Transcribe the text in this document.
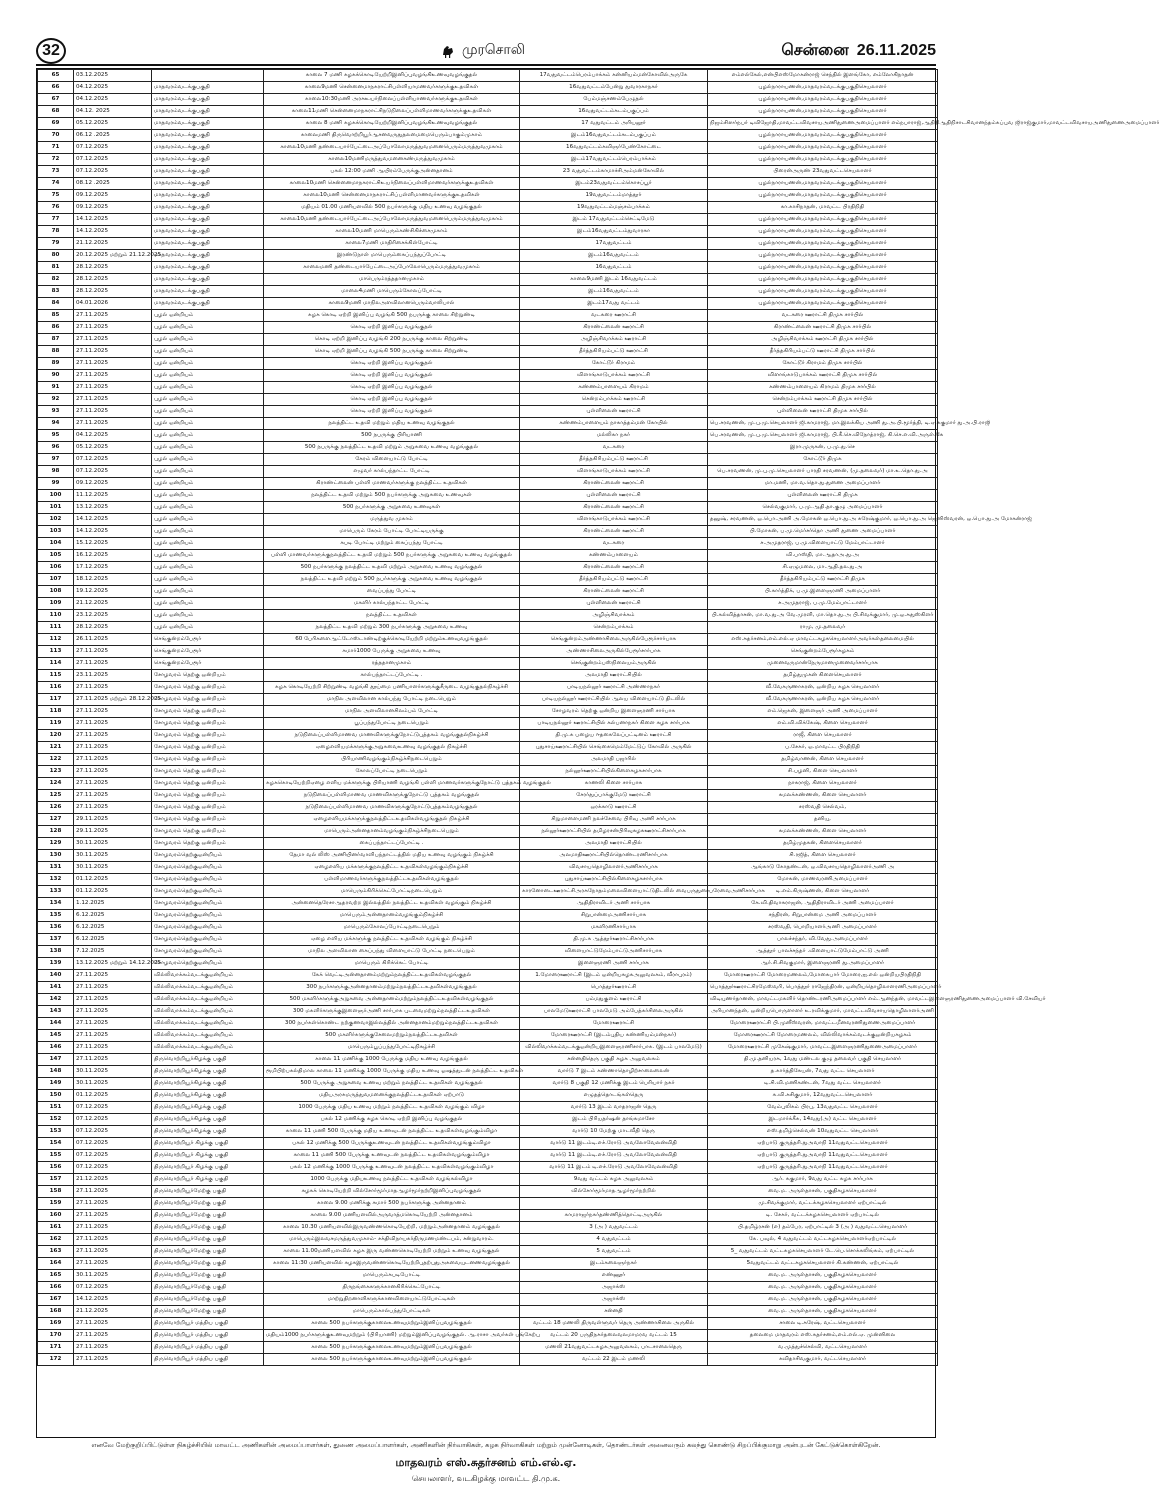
32	முரசொலி	சென்னை 26.11.2025
65	03.12.2025		காலை 7 மணி கழகக்கொடியேற்றிஇனிப்புவழங்கிஉணவுவழங்குதல்	17வதுவட்டம்பெரம்பாக்கம் கன்னியம்மன்கோவில்அருகே	எம்எல்கேல்,என்பிஎஸ்மோகன்ராஜ் செந்தில் இளங்கோ, எம்லோகிநாதன்
66	04.12.2025	மாதவரம்வடக்குபகுதி	காலை9மணி சென்னைமாநகராட்சிபள்ளியாமணவர்களுக்குஉதவிகள்	16வதுவட்டம்பேன்று துவாரகாநகர்	புழல்நாராயணன்,மாதவரம்வடக்குபகுதிசெயலாளர்
67	04.12.2025	மாதவரம்வடக்குபகுதி	காலை10:30மணி அரசுஉயர்நிலைப்பள்ளியாணவர்களுக்குஉதவிகள்	பேம்மஞ்சணம்பேழுதல்	புழல்நாராயணன்,மாதவரம்வடக்குபகுதிசெயலாளர்
68	04.12. 2025	மாதவரம்வடக்குபகுதி	காலை11மணி சென்னைமாநகராட்சிநடுநிலைப்பள்ளிமாணவர்களுக்குஉதவிகள்	16வதுவட்டம்கடம்பகுப்பம்	புழல்நாராயணன்,மாதவரம்வடக்குபகுதிசெயலாளர்
69	05.12.2025	மாதவரம்வடக்குபகுதி	காலை 8 மணி கழகக்கொடியேற்றிஇனிப்புவழங்கிஉணவுவழங்குதல்	17 வதுவட்டம் அரியலூர்	நிஜம்சிஸர்நபர் டிவிஜோதி,மாவட்டவிவசாயஅணிதுணைஅமைப்பாளர் எம்நபாராஜ்,ஆதிதிஆதிநிசாடசிவானந்தம்கப்புவ ஜிராஜ்குமார்,மாவட்டவிவசாயஅணிதுணைஅமைப்பாளர்
70	06.12 .2025	மாதவரம்வடக்குபகுதி	காலைமணி திருவொற்றியூர்ஆசனவருதுதலமைமைபெரும்பாகும்முகாம்	இடம்16வதுவட்டம்கடம்பகுப்பம்	புழல்நாராயணன்,மாதவரம்வடக்குபகுதிசெயலாளர்
71	07.12.2025	மாதவரம்வடக்குபகுதி	காலை10மணி தண்டையார்பேட்டைஅப்போலோமருத்துவமனைபெரும்மருத்துவமுகாம்	16வதுவட்டம்கவிஞர்பேண்கோட்டை	புழல்நாராயணன்,மாதவரம்வடக்குபகுதிசெயலாளர்
72	07.12.2025	மாதவரம்வடக்குபகுதி	காலை10மணிமருத்துவமனைகண்மருத்துவமுகாம்	இடம்17வதுவட்டம்பெரம்பாக்கம்	புழல்நாராயணன்,மாதவரம்வடக்குபகுதிசெயலாளர்
73	07.12.2025	மாதவரம்வடக்குபகுதி	பகல் 12:00 மணி ஆயிரம்பேருக்குஅன்னதானம்	23 வதுவட்டம்காமாச்சிஅம்மன்கோவில்	பிரைன்அருண் 23வதுவட்டசெயலாளர்
74	08.12 .2025	மாதவரம்வடக்குபகுதி	காலை10மணி சென்னைமாநகராட்சிஉயர்நிலைப்பள்ளிமாணவர்களுக்குஉதவிகள்	இடம்23வதுவட்டம்கொசப்பூர்	புழல்நாராயணன்,மாதவரம்வடக்குபகுதிசெயலாளர்
75	09.12.2025	மாதவரம்வடக்குபகுதி	காலை10மணி சென்னைமாநகராட்சிப்பள்ளிமாணவர்களுக்குஉதவிகள்	19வதுவட்டம்மாத்தூர்	புழல்நாராயணன்,மாதவரம்வடக்குபகுதிசெயலாளர்
76	09.12.2025	மாதவரம்வடக்குபகுதி	மதியம் 01.00 மணியளவில் 500 நபர்களுக்கு மதிய உணவு வழங்குதல்	19வதுவட்டம்மஞ்சம்பாக்கம்	கா.காசிநாதன், மாவட்ட பிரதிநிதி
77	14.12.2025	மாதவரம்வடக்குபகுதி	காலை10மணி தண்டையார்பேட்டைஅப்போலோமருத்துவமனைபெரும்மருத்துவமுகாம்	இடம் 17வதுவட்டம்செட்டிமேடு	புழல்நாராயணன்,மாதவரம்வடக்குபகுதிசெயலாளர்
78	14.12.2025	மாதவரம்வடக்குபகுதி	காலை10மணி மாபெரும்கண்சிகிச்சைமுகாம்	இடம்16வதுவட்டம்துவாரகா	புழல்நாராயணன்,மாதவரம்வடக்குபகுதிசெயலாளர்
79	21.12.2025	மாதவரம்வடக்குபகுதி	காலை7மணி மாதிரிசைக்கிள்போட்டி	17வதுவட்டம்	புழல்நாராயணன்,மாதவரம்வடக்குபகுதிசெயலாளர்
80	20.12.2025 மற்றும் 21.12.2025	மாதவரம்வடக்குபகுதி	இரண்டுநாள் மாபெரும்கைப்பந்துப்போட்டி	இடம்16வதுவட்டம்	புழல்நாராயணன்,மாதவரம்வடக்குபகுதிசெயலாளர்
81	28.12.2025	மாதவரம்வடக்குபகுதி	காலைமணி தண்டையார்பேட்டைஅப்போலோபெரும்மருத்துவமுகாம்	16வதுவட்டம்	புழல்நாராயணன்,மாதவரம்வடக்குபகுதிசெயலாளர்
82	28.12.2025	மாதவரம்வடக்குபகுதி	மாபெரும்ரத்ததானமுகாம்	காலை9மணி இடம் 16வதுவட்டம்	புழல்நாராயணன்,மாதவரம்வடக்குபகுதிசெயலாளர்
83	28.12.2025	மாதவரம்வடக்குபகுதி	மாலை4மணி மாபெரும்கோலப்போட்டி	இடம்16வதுவட்டம்	புழல்நாராயணன்,மாதவரம்வடக்குபகுதிசெயலாளர்
84	04.01.2026	மாதவரம்வடக்குபகுதி	காலை9மணி மாநிலஅளவிலானபெரும்வாலிபால்	இடம்17வது வட்டம்	புழல்நாராயணன்,மாதவரம்வடக்குபகுதிசெயலாளர்
85	27.11.2025	புழல் ஒன்றியம்	கழக கொடி ஏற்றி இனிப்பு வழங்கி 500 நபருக்கு காலை சிற்றுண்டி	வடகரை ஊராட்சி	வடகரை ஊராட்சி திமுக சார்பில்
86	27.11.2025	புழல் ஒன்றியம்	கொடி ஏற்றி இனிப்பு வழங்குதல்	கிராண்ட்லைன் ஊராட்சி	கிராண்ட்லைன் ஊராட்சி திமுக சார்பில்
87	27.11.2025	புழல் ஒன்றியம்	கொடி ஏற்றி இனிப்பு வழங்கி 200 நபருக்கு காலை சிற்றுண்டி	அழிஞ்சிவாக்கம் ஊராட்சி	அழிஞ்சிவாக்கம் ஊராட்சி திமுக சார்பில்
88	27.11.2025	புழல் ஒன்றியம்	கொடி ஏற்றி இனிப்பு வழங்கி 500 நபருக்கு காலை சிற்றுண்டி	தீர்த்தகிரியம்பட்டு ஊராட்சி	தீர்த்தகிரியம்பட்டு ஊராட்சி திமுக சார்பில்
89	27.11.2025	புழல் ஒன்றியம்	கொடி ஏற்றி இனிப்பு வழங்குதல்	கோட்டூர் கிராமம்	கோட்டூர் கிராமம் திமுக சார்பில்
90	27.11.2025	புழல் ஒன்றியம்	கொடி ஏற்றி இனிப்பு வழங்குதல்	விளாங்காடுபாக்கம் ஊராட்சி	விளாங்காடுபாக்கம் ஊராட்சி திமுக சார்பில்
91	27.11.2025	புழல் ஒன்றியம்	கொடி ஏற்றி இனிப்பு வழங்குதல்	கண்ணம்பாளையம் கிராமம்	கண்ணம்பாளையம் கிராமம் திமுக சார்பில்
92	27.11.2025	புழல் ஒன்றியம்	கொடி ஏற்றி இனிப்பு வழங்குதல்	சென்றம்பாக்கம் ஊராட்சி	சென்றம்பாக்கம் ஊராட்சி திமுக சார்பில்
93	27.11.2025	புழல் ஒன்றியம்	கொடி ஏற்றி இனிப்பு வழங்குதல்	புள்ளிலைன் ஊராட்சி	புள்ளிலைன் ஊராட்சி திமுக சார்பில்
94	27.11.2025	புழல் ஒன்றியம்	நலத்திட்ட உதவி மற்றும் மதிய உணவு வழங்குதல்	கண்ணம்பாளையம் நாகாத்தம்மன் கோயில்	பெ.சரவணன், மு.பு.மு.செயலாளர் ஜி.காமராஜ், மா.இலக்கிய அணி து.அ.பி.மூர்த்தி, டி.ஏ.சுகுமார் து.அ.பி.ராஜி
95	04.12.2025	புழல் ஒன்றியம்	500 நபருக்கு பிரியாணி	மல்லிகா நகர்	பெ.சரவணன், மு.பு.மு.செயலாளர் ஜி.காமராஜ், பி.கீ.செ.விநோத்ராஜ், கி.செ.எ.வி.அருள்.கே
96	05.12.2025	புழல் ஒன்றியம்	500 நபருக்கு நலத்திட்ட உதவி மற்றும் அறுசுவை உணவு வழங்குதல்	வடகரை	இரா.முருகன், ப.மு.து.செ
97	07.12.2025	புழல் ஒன்றியம்	கேரம் விளையாட்டு போட்டி	தீர்த்தகிரியம்பட்டு ஊராட்சி	கோட்டூர் திமுக
98	07.12.2025	புழல் ஒன்றியம்	எழுவர் கால்பந்தாட்ட போட்டி	விளாங்காடுபாக்கம் ஊராட்சி	பெ.சரவணன், மு.பு.மு.செயலாளர் பாரதி சரவணன், (மு.தலைவர்) மா.உ.தொ.து.அ
99	09.12.2025	புழல் ஒன்றியம்	கிராண்ட்லைன் பள்ளி மாணவர்களுக்கு நலத்திட்ட உதவிகள்	கிராண்ட்லைன் ஊராட்சி	மா.மணி, மா.வ.தொ.து.துணை அமைப்பாளர்
100	11.12.2025	புழல் ஒன்றியம்	நலத்திட்ட உதவி மற்றும் 500 நபர்களுக்கு அறுசுவை உணவுகள்	புள்ளிலைன் ஊராட்சி	புள்ளிலைன் ஊராட்சி திமுக
101	13.12.2025	புழல் ஒன்றியம்	500 நபர்களுக்கு அறுசுவை உணவுகள்	கிராண்ட்லைன் ஊராட்சி	செல்வகுமார், ப.மு.ஆதி.தா.குழு அமைப்பாளர்
102	14.12.2025	புழல் ஒன்றியம்	மருத்துவ முகாம்	விளாங்காடுபாக்கம் ஊராட்சி	தனுஷ், சரவணன், ஒ.பொ.அணி அ.மோகன் ஒ.பொ.து.அ சுரேஷ்குமார், ஒ.பொ.து.அ ஜெனிஸ்வரன், ஒ.பொ.து.அ மோகன்ராஜ்
103	14.12.2025	புழல் ஒன்றியம்	மாபெரும் கேரம் போட்டி போட்டியருக்கு	கிராண்ட்லைன் ஊராட்சி	பி.மோகன், ப.மு.மெர்சர்தொ அணி துணை அமைப்பாளர்
104	15.12.2025	புழல் ஒன்றியம்	கபடி போட்டி மற்றும் கைப்பந்து போட்டி	வடகரை	ச.அமுதராஜ், ப.மு.விளையாட்டு மேம்பாட்டாளர்
105	16.12.2025	புழல் ஒன்றியம்	பள்ளி மாணவர்களுக்குநலத்திட்ட உதவி மற்றும் 500 நபர்களுக்கு அறுசுவை உணவு வழங்குதல்	கண்ணம்பாளையம்	வி.பாஸ்தி, மா.ஆதாஅ.து.அ
106	17.12.2025	புழல் ஒன்றியம்	500 நபர்களுக்கு நலத்திட்ட உதவி மற்றும் அறுசுவை உணவு வழங்குதல்	கிராண்ட்லைன் ஊராட்சி	சி.ஏழுமலை, மா.ஆதி.தல.து.அ
107	18.12.2025	புழல் ஒன்றியம்	நலத்திட்ட உதவி மற்றும் 500 நபர்களுக்கு அறுசுவை உணவு வழங்குதல்	தீர்த்தகிரியம்பட்டு ஊராட்சி	தீர்த்தகிரியம்பட்டு ஊராட்சி திமுக
108	19.12.2025	புழல் ஒன்றியம்	வைப்பந்து போட்டி	கிராண்ட்லைன் ஊராட்சி	பி.கார்த்திக், ப.மு.இளைஞரணி அமைப்பாளர்
109	21.12.2025	புழல் ஒன்றியம்	மகளிர் கால்பந்தாட்ட போட்டி	புள்ளிலைன் ஊராட்சி	ச.அமுதராஜ், ப.மு.மேம்பாட்டாளர்
110	23.12.2025	புழல் ஒன்றியம்	நலத்திட்ட உதவிகள்	அழிஞ்சிவாக்கம்	பி.கல்வித்தாசன், மா.வ.து.அ வே.முரளி, மா.தொ.து.அ பி.சிவக்குமார், மு.ஒ.சுதுஸ்கிளர்
111	28.12.2025	புழல் ஒன்றியம்	நலத்திட்ட உதவி மற்றும் 300 நபர்களுக்கு அறுசுவை உணவு	சென்றம்பாக்கம்	ராமு, மு.தலைவர்
112	26.11.2025	செங்குன்றம்பேரூர்	60 பேரிகளைஆட்டோஸ்டாண்டிற்குக்கொடியேற்றி மற்றும்உணவுவழங்குதல்	செங்குன்றம்அண்ணாசிலைஅருகில்பேரூர்சார்பாக	எஸ்.சுதர்சனம்,எம்.எல்.ஏ மாவட்டகழகசெயலாளர்அவர்கள்தலைமையில்
113	27.11.2025	செங்குன்றம்பேரூர்	சுமார்1000 பேருக்கு அறுசுவை உணவு	அண்ணாசிலைஅருகில்பேரூர்சார்பாக	செங்குன்றம்பேரூர்கழகம்
114	27.11.2025	செங்குன்றம்பேரூர்	ரத்ததானமுகாம்	செங்குன்றம்பஸ்நிலையம்அருகில்	முனைவருமான்நேருமானமுனைவர்சார்பாக
115	23.11.2025	சோழவரம் தெற்கு ஒன்றியம்	கால்பந்தாட்டப்போட்டி .	அலமாதி ஊராட்சியில்	தமிழ்துமுகன் கிளைசெயலாளர்
116	27.11.2025	சோழவரம் தெற்கு ஒன்றியம்	கழக கொடியேற்றி சிற்றுண்டி வழங்கி தூய்மை பணியாளர்களுக்குசீருடை வழங்குதல்நிகழ்ச்சி	பாடியநல்லூர் ஊராட்சி அண்ணாநகர்	வீ.வேகருணாகரன், ஒன்றிய கழக செயலாளர்
117	27.11.2025 மற்றும் 28.12.2025	சோழவரம் தெற்கு ஒன்றியம்	மாநில அளவிலான கால்பந்து போட்டி நடைபெறும்	பாடியநல்லூர் ஊராட்சியில் ஆலய விளையாட்டு திடலில்	வீ.வேகருணாகரன், ஒன்றிய கழக செயலாளர்
118	27.11.2025	சோழவரம் தெற்கு ஒன்றியம்	மாநில அளவிலானசிலம்பம் போட்டி	சோழவரம் தெற்கு ஒன்றிய இளைஞரணி சார்பாக	எம்.ஜெகன், இளைஞர் அணி அமைப்பாளர்
119	27.11.2025	சோழவரம் தெற்கு ஒன்றியம்	பூப்பந்துபோட்டி நடைபெறும்	பாடியநல்லூர் ஊராட்சியில் கல்பனாநகர் கிளை கழக சார்பாக	எம்.வி.விக்கேஷ், கிளை செயலாளர்
120	27.11.2025	சோழவரம் தெற்கு ஒன்றியம்	நடுநிலைப்பள்ளிமாணவ மாணவிகளுக்குநோட்டுபுத்தகம் வழங்குதல்நிகழ்ச்சி	தி.மு.க பழைய ஈதகைலேப்பட்டினம் ஊராட்சி	ராஜீ, கிளை செயலாளர்
121	27.11.2025	சோழவரம் தெற்கு ஒன்றியம்	ஏழைஎளியமக்களுக்குஅறுசுவைஉணவு வழங்குதல் நிகழ்ச்சி	புதுசாய்ஊராட்சியில் செங்கைமெம்மேட்டுப் கோவில் அருகில்	ப.சேகர், ஒ.மாவட்ட பிரதிநிதி
122	27.11.2025	சோழவரம் தெற்கு ஒன்றியம்	பிரியாணிவழங்கும்நிகழ்ச்சிநடைபெறும்	அலமாதி பஜாரில்	தமிழ்வாணன், கிளை செயலாளர்
123	27.11.2025	சோழவரம் தெற்கு ஒன்றியம்	கோலப்போட்டி நடைபெறும்	நல்லூர்ஊராட்சியில்கிளைகழகசார்பாக	சி.பழனி, கிளை செயலாளர்
124	27.11.2025	சோழவரம் தெற்கு ஒன்றியம்	கழககொடியேற்றிஏழை எளிய மக்களுக்கு பிரியாணி வழங்கி பள்ளி மாணவர்களுக்குநோட்டு புத்தகம் வழங்குதல்	காணலி கிளை சார்பாக	நாகராஜ், கிளை செயலாளர்
125	27.11.2025	சோழவரம் தெற்கு ஒன்றியம்	நடுநிலைப்பள்ளிமாணவ மாணவிகளுக்குநோட்டு புத்தகம் வழங்குதல்	சேரர்துப்பாக்குமேடு ஊராட்சி	கமலக்கண்ணன், கிளை செயலாளர்
126	27.11.2025	சோழவரம் தெற்கு ஒன்றியம்	நடுநிலைப்பள்ளிமாணவ மாணவிகளுக்குநோட்டுபுத்தகம்வழங்குதல்	ஒரக்காடு ஊராட்சி	சரஸ்வதி செல்வம்,
127	29.11.2025	சோழவரம் தெற்கு ஒன்றியம்	ஏழைஎளியமக்களுக்குநலத்திட்டஉதவிகள்வழங்குதல் நிகழ்ச்சி	சிறுமாளைமணி நலச்சேவை பிரிவு அணி சார்பாக	தனியு,
128	29.11.2025	சோழவரம் தெற்கு ஒன்றியம்	மாபெரும்அன்னதானம்வழங்கும்நிகழ்ச்சிநடைபெறும்	நல்லூர்ஊராட்சியில் தமிழரசன்பிரிவுகழகஊராட்சிசார்பாக	கமலக்கண்ணன், கிளை செயலாளர்
129	30.11.2025	சோழவரம் தெற்கு ஒன்றியம்	கைப்பந்தாட்டப்போட்டி .	அலமாதி ஊராட்சியில்	தமிழ்முதகன், கிளைசெயலாளர்
130	30.11.2025	சோழவரம்தெற்குஒன்றியம்	தேமா வல் லிஸ் அணியினர்வாளிபந்தாட்டத்தில் மதிய உணவு வழங்கும் நிகழ்ச்சி	அலமாதிஊராட்சியில்தொண்டரணிசார்பாக	சி.ரஜித், கிளை செயலாளர்
131	30.11.2025	சோழவரம்தெற்குஒன்றியம்	ஏழைஎளிய மக்களுக்குநலத்திட்ட உதவிகள்வழங்கும்நிகழ்ச்சி	விவசாயதொழிலாளர்அணிசார்பாக	ஆங்காடு கோதண்டன், ஒ.விவசாயதொழிலாளர்அணி அ
132	01.12.2025	சோழவரம்தெற்குஒன்றியம்	பள்ளிமாணவர்களுக்குநலத்திட்டஉதவிகள்வழங்குதல்	புதுசாய்ஊராட்சியில்கிளைகழகசார்பாக	மோகன், மாணவரணிஅமைப்பாளர்
133	01.12.2025	சோழவரம்தெற்குஒன்றியம்	மாபெரும்கிரிக்கெட்போட்டிநடைபெறும்	காரனோடைஊராட்சிஅரசுநோதம்மலைவிளையாட்டுதிடலில் வைபருதுரைபரேவைஅணிசார்பாக	டி.எம்.கிருஷ்ணன், கிளை செயலாளர்
134	1.12.2025	சோழவரம்தெற்குஒன்றியம்	அன்னைதெரேசாஆதரவற்ற இல்லத்தில் நலத்திட்ட உதவிகள் வழங்கும் நிகழ்ச்சி	ஆதிதிராவிடர் அணி சார்பாக	கே.வி.திவாகராஜன், ஆதிதிராவிடர் அணி அமைப்பாளர்
135	6.12.2025	சோழவரம்தெற்குஒன்றியம்	மாபெரும்அன்னதானம்வழங்கும்நிகழ்ச்சி	சிறுபான்மைஅணிசார்பாக	சந்திரன், சிறுபான்மை அணி அமைப்பாளர்
136	6.12.2025	சோழவரம்தெற்குஒன்றியம்	மாபெரும்கோலப்போட்டிநடைபெறும்	மகளிரணிசார்பாக	சரஸ்வதி, பொறியாளர்அணி அமைப்பாளர்
137	6.12.2025	சோழவரம்தெற்குஒன்றியம்	ஏழை எளிய மக்களுக்கு நலத்திட்ட உதவிகள் வழங்கும் நிகழ்ச்சி	தி.மு.க ஆத்தூர்ஊராட்சிசார்பாக	பாலச்சந்தர், வி.வேது.அமைப்பாளர்
138	7.12.2025	சோழவரம்தெற்குஒன்றியம்	மாநில அளவிலான கைப்பந்து விளையாட்டு போட்டி நடைபெறும்	விளையாட்டுமேம்பாட்டுஅணிசார்பாக	ஆத்தூர் பாலச்சந்தர் .விளையாட்டுமேம்பாட்டு அணி
139	13.12.2025 மற்றும் 14.12.2025	சோழவரம்தெற்குஒன்றியம்	மாபெரும் கிரிக்கெட் போட்டி	இளைஞரணி அணி சார்பாக	ஆர்.சி.சிவகுமார், இளைஞரணி து.அமைப்பாளர்
140	27.11.2025	வில்லிவாக்கம்வடக்குஒன்றியம்	கேக் வெட்டிஅன்னதானம்மற்றும்நலத்திட்டஉதவிகள்வழங்குதல்	1.மோரைஊராட்சி (இடம் ஒன்றியகழகஅலுவலகம், வீராபுரம்)	மோரைஊராட்சி மோரைமணலம்,மோகைபார் மோரை,ஐ.எல் ஒன்றியபிரதிநிதி
141	27.11.2025	வில்லிவாக்கம்வடக்குஒன்றியம்	300 நபர்களுக்குஅன்னதானம்மற்றும்நலத்திட்டஉதவிகள்வழங்குதல்	பொத்தூர்ஊராட்சி	பொத்தூர்ஊராட்சிரமேஸ்வரி, பொத்தூர் ராஜேந்திரன், ஒன்றியதொழிலாளரணிஅமைப்பாளர்
142	27.11.2025	வில்லிவாக்கம்வடக்குஒன்றியம்	500 மகளிர்களுக்குஅறுசுவை அன்னதானம்மற்றும்நலத்திட்டஉதவிகள்வழங்குதல்	பம்மதுகுளம் ஊராட்சி	விடியுணர்தானன், மாவட்டமகளிர் தொண்டரணிஅமைப்பாளர் எம்.ஆனந்தன், மாவட்டஇளைஞரணிதுணைஅமைப்பாளர் வி.சேவியர்
143	27.11.2025	வில்லிவாக்கம்வடக்குஒன்றியம்	300 மகளிர்களுக்குஇளைஞர்அணி சார்பாக புடவைமற்றும்நலத்திட்டஉதவிகள்	பாலமேடுஊராட்சி பாலமேடு அம்பேத்கர்சிலைஅருகில்	அரியானந்தன், ஒன்றியபொருளாளர் உ.ரவிக்குமார், மாவட்டவிவசாயதொழிலாளர்அணி
144	27.11.2025	வில்லிவாக்கம்வடக்குஒன்றியம்	300 நபர்கள்கொண்ட நற்குணவாஇல்லத்தில் அன்னதானம்மற்றும்நலத்திட்டஉதவிகள்	மோரைஊராட்சி	மோரைஊராட்சி பி.முனீஸ்வரன், மாவட்டமீனவரணிதுணைஅமைப்பாளர்
145	27.11.2025	வில்லிவாக்கம்வடக்குஒன்றியம்	500 மகளிர்களுக்குசேலைமற்றும்நலத்திட்டஉதவிகள்	மோரைஊராட்சி (இடம்புதிய கண்ணியம்மன்நகர்)	மோரைஊராட்சி மோரைமணலம், வில்லிவாக்கம்வடக்குஒன்றியகழகம்
146	27.11.2025	வில்லிவாக்கம்வடக்குஒன்றியம்	மாபெரும்பூப்பந்துபோட்டிநிகழ்ச்சி	வில்லிவாக்கம்வடக்குஒன்றியஇளைஞரணிசார்பாக. (இடம் பாலமேடு)	மோரைஊராட்சி முகேஷ்குமார், மாவட்டஇளைஞரணிதுணைஅமைப்பாளர்
147	27.11.2025	திருவொற்றியூர்கிழக்கு பகுதி	காலை 11 மணிக்கு 1000 பேருக்கு மதிய உணவு வழங்குதல்	சன்னதிதெரு பகுதி கழக அலுவலகம்	தி.மு.தனியரசு, 1வது மண்டல குழு தலைவர் பகுதி செயலாளர்
148	30.11.2025	திருவொற்றியூர்கிழக்கு பகுதி	ரூமிபிற்பகல்திமால காலை 11 மணிக்கு 1000 பேருக்கு மதிய உணவு ஓஷத்துடன் நலத்திட்ட உதவிகள்	வார்டு 7 இடம் கண்ணாதொழிற்சாலைலைன்	த.கார்த்திகேயன், 7வது வட்ட செயலாளர்
149	30.11.2025	திருவொற்றியூர்கிழக்கு பகுதி	500 பேருக்கு அறுசுவை உணவு மற்றும் நலத்திட்ட உதவிகள் வழங்குதல்	வார்டு 8 பகுதி 12 மணிக்கு இடம் பெரியார் நகர்	டி.சி.வி.மணிகண்டன், 7வது வட்ட செயலாளர்
150	01.12.2025	திருவொற்றியூர்கிழக்கு பகுதி	மதியஅரசுமருத்துவமனைக்குநலத்திட்டஉதவிகள் ஏற்பாடு	எழுதத்தொடங்கள்தெரு	க.வி.சுசிகுமார், 12வதுவட்டசெயலாளர்
151	07.12.2025	திருவொற்றியூர்கிழக்கு பகுதி	1000 பேருக்கு மதிய உணவு மற்றும் நலத்திட்ட உதவிகள் வழங்கும் விழா	வார்டு 13 இடம் வாதராஜன் தெரு	வேம்புலிகம் பிரபு, 13வதுவட்ட செயலாளர்
152	07.12.2025	திருவொற்றியூர்கிழக்கு பகுதி	பகல் 12 மணிக்கு கழக கொடி ஏற்றி இனிப்பு வழங்குதல்	இடம் பிரியதர்ஷன் தாங்கமாசோ	இடமார்க்கீசு, 14வது(அ) வட்ட செயலாளர்
153	07.12.2025	திருவொற்றியூர்கிழக்கு பகுதி	காலை 11 மணி 500 பேருக்கு மதிய உணவுடன் நலத்திட்ட உதவிகள்வழங்கும்விழா	வார்டு 10 மேற்கு மாடவீதி தெரு	எஸ்.தமிழ்செல்வன் 10வதுவட்ட செயலாளர்
154	07.12.2025	திருவொற்றியூர் கிழக்கு பகுதி	பகல் 12 மணிக்கு 500 பேருக்குஉணவுடன் நலத்திட்ட உதவிகள்வழங்கும்விழா	வார்டு 11 இடம்டி.எச்.ரோடு அவலோவேலன்விதி	ஏற்பாடு குருத்தரி.துஅவாநி 11வதுவட்டசெயலாளர்
155	07.12.2025	திருவொற்றியூர் கிழக்கு பகுதி	காலை 11 மணி 500 பேருக்கு உணவுடன் நலத்திட்ட உதவிகள்வழங்கும்விழா	வார்டு 11 இடம்டி.எச்.ரோடு அவலோவேலன்விதி	ஏற்பாடு குருத்தரி.துஅவாநி 11வதுவட்டசெயலாளர்
156	07.12.2025	திருவொற்றியூர் கிழக்கு பகுதி	பகல் 12 மணிக்கு 1000 பேருக்கு உணவுடன் நலத்திட்ட உதவிகள்வழங்கும்விழா	வார்டு 11 இடம் டி.எச்.ரோடு அவலோவேலன்விதி	ஏற்பாடு குருத்தரி.துஅவாநி 11வதுவட்டசெயலாளர்
157	21.12.2025	திருவொற்றியூர் கிழக்கு பகுதி	1000 பேருக்கு மதியஉணவு நலத்திட்ட உதவிகள் வழங்கல்விழா	9வது வட்டம் கழக அலுவலகம்	ஆர். சுகுமார், 9வது வட்ட கழக சார்பாக
158	27.11.2025	திருவொற்றியூர்மேற்கு பகுதி	கழகக் கொடியேற்றி வில்சோர்மூர்மாதஆழர்மூர்நற்றிஇனிப்புவழங்குதல்	வில்சோர்மூர்மாதஆழர்மூர்நற்றில்	வை.ம. அருள்தாசன், பகுதிகழகசெயலாளர்
159	27.11.2025	திருவொற்றியூர்மேற்கு பகுதி	காலை 9.00 மணிக்கு சுமார் 500 நபர்களுக்கு அன்னதானம்		மு.சிவக்குமார், வட்டக்கழகசெயலாளர் ஏற்பாட்டில்
160	27.11.2025	திருவொற்றியூர்மேற்கு பகுதி	காலை 9.00 மணியளவில்அருவாத்மகொடியேற்றி அன்னதானம்	காமராஜர்நகர்தண்ணித்தொட்டிஅருகில்	டி. சேகர், வட்டக்கழகசெயலாளர் ஏற்பாட்டில்
161	27.11.2025	திருவொற்றியூர்மேற்கு பகுதி	காலை 10.30 மணியளவில்இருவண்ணகொடியேற்றி, மற்றும்அன்னதானம் வழங்குதல்	3 (அ ) வதுவட்டம்	பி.தமிழ்ரசன் (எ) தம்பேர, ஏற்பாட்டில் 3 (அ ) வதுவட்டசெயலாளர்
162	27.11.2025	திருவொற்றியூர்மேற்கு பகுதி	மாபெரும்இலவசமருத்துவமுகாம்- சக்திவிநாயகர்திருமணமண்டபம், சன்றுவாரம்.	4 வதுவட்டம்	கே. பவுல், 4 வதுவட்டம் வட்டகழகசெயலாளர்ஏற்பாட்டில்
163	27.11.2025	திருவொற்றியூர்மேற்கு பகுதி	காலை 11.00மணியளவில் கழக இரு வண்ணகொடியேற்றி மற்றும் உணவு வழங்குதல்	5 வதுவட்டம்	5_ வதுவட்டம் வட்டகழகசெயலாளர் டே.பெ.சொக்கலிங்கம், ஏற்பாட்டில்
164	27.11.2025	திருவொற்றியூர்மேற்கு பகுதி	காலை 11:30 மணியளவில் கழகஇருவண்ணகொடியேற்றிபுதற்புதுஅகவையுடனணவழங்குதல்	இடம்கலைஞர்நகர்	5வதுவட்டம் வட்டகழகசெயலாளர் கி.கண்ணன், ஏற்பாட்டில்
165	30.11.2025	திருவொற்றியூர்மேற்கு பகுதி	மாபெரும்கபடிபோட்டி	எண்ணூர்	வை.ம. அருள்தாசன், பகுதிகழகசெயலாளர்
166	07.12.2025	திருவொற்றியூர்மேற்கு பகுதி	திருநங்கைகளுக்கானகிரிக்கெட்போட்டி	அஜாக்ஸ்	வை.ம. அருள்தாசன், பகுதிகழகசெயலாளர்
167	14.12.2025	திருவொற்றியூர்மேற்கு பகுதி	மாற்றுதிறனாளிகளுக்கானவிளையாட்டுபோட்டிகள்	அஜாக்ஸ்	வை.ம. அருள்தாசன், பகுதிகழகசெயலாளர்
168	21.12.2025	திருவொற்றியூர்மேற்கு பகுதி	மாபெரும்கால்பந்துபோட்டிகள்	சன்னதி	வை.ம. அருள்தாசன், பகுதிகழகசெயலாளர்
169	27.11.2025	திருவொற்றியூர் மத்திய பகுதி	காலை 500 நபர்களுக்குகாலைஉணவுமற்றும்இனிப்புவழங்குதல்	வட்டம் 18 மணலி திருவள்ளுவர் தெரு அண்ணாசிலை அருகில்	சாலை டி.சுரேஷ், வட்டசெயலாளர்
170	27.11.2025	திருவொற்றியூர் மத்திய பகுதி	மதியம்1000 நபர்களுக்குஉணவுமற்றும் (பிரியாணி) மற்றும்இனிப்புவழங்குதல். ஆ.ராசா அவர்கள் பங்கேற்பு	வட்டம் 20 பருதிநகர்தலைவலமாமரவ வட்டம் 15	தலைமை மாதவரம் எஸ்.சுதர்சனம்,எம்.எல்.ஏ. முன்னிலை
171	27.11.2025	திருவொற்றியூர் மத்திய பகுதி	காலை 500 நபர்களுக்குகாலைஉணவுமற்றும்இனிப்புவழங்குதல்	மணலி 21வதுவட்டகழகஅலுவலகம், பாடசாலைதெரு	வ.முத்துச்செல்வி, வட்டசெயலாளர்
172	27.11.2025	திருவொற்றியூர் மத்திய பகுதி	காலை 500 நபர்களுக்குகாலைஉணவுமற்றும்இனிப்புவழங்குதல்	வட்டம் 22 இடம் மணலி	கவிதாசிவகுமார், வட்டசெயலாளர்
எனவே மேற்குறிப்பிட்டுள்ள நிகழ்ச்சியில் மாவட்ட அணிகளின் அமைப்பாளர்கள், துணை அமைப்பாளர்கள், அணிகளின் நிர்வாகிகள், கழக நிர்வாகிகள் மற்றும் முன்னோடிகள், தொண்டர்கள் அனைவரும் கலந்து கொண்டு சிறப்பிக்குமாறு அன்புடன் கேட்டுக்கொள்கிறேன்.
மாதவரம் எஸ்.சுதர்சனம் எம்.எல்.ஏ.
செயலாளர், வடகிழக்கு மாவட்ட தி.மு.க.
